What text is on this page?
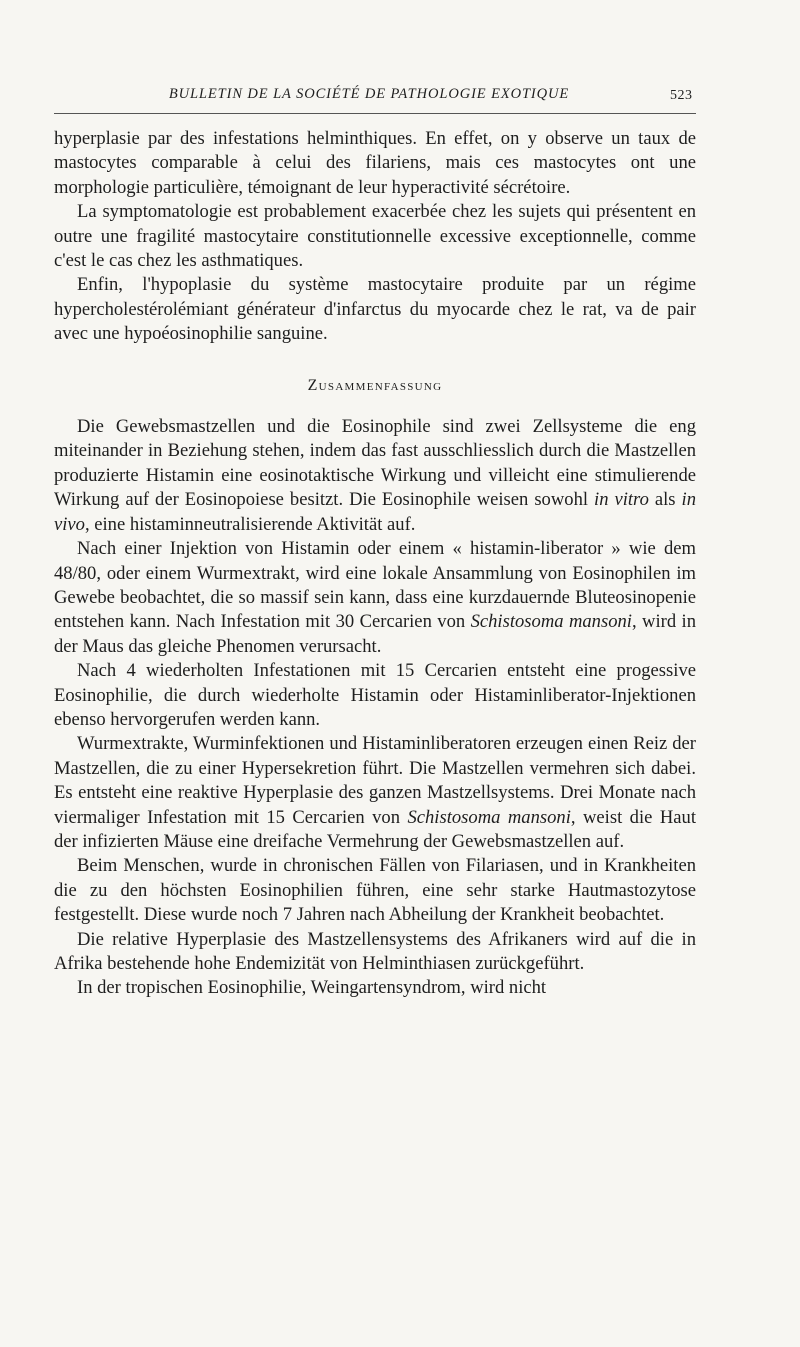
BULLETIN DE LA SOCIÉTÉ DE PATHOLOGIE EXOTIQUE	523

hyperplasie par des infestations helminthiques. En effet, on y observe un taux de mastocytes comparable à celui des filariens, mais ces mastocytes ont une morphologie particulière, témoignant de leur hyperactivité sécrétoire.

La symptomatologie est probablement exacerbée chez les sujets qui présentent en outre une fragilité mastocytaire constitutionnelle excessive exceptionnelle, comme c'est le cas chez les asthmatiques.

Enfin, l'hypoplasie du système mastocytaire produite par un régime hypercholestérolémiant générateur d'infarctus du myocarde chez le rat, va de pair avec une hypoéosinophilie sanguine.

Zusammenfassung

Die Gewebsmastzellen und die Eosinophile sind zwei Zellsysteme die eng miteinander in Beziehung stehen, indem das fast ausschliesslich durch die Mastzellen produzierte Histamin eine eosinotaktische Wirkung und villeicht eine stimulierende Wirkung auf der Eosinopoiese besitzt. Die Eosinophile weisen sowohl in vitro als in vivo, eine histaminneutralisierende Aktivität auf.

Nach einer Injektion von Histamin oder einem « histamin-liberator » wie dem 48/80, oder einem Wurmextrakt, wird eine lokale Ansammlung von Eosinophilen im Gewebe beobachtet, die so massif sein kann, dass eine kurzdauernde Bluteosinopenie entstehen kann. Nach Infestation mit 30 Cercarien von Schistosoma mansoni, wird in der Maus das gleiche Phenomen verursacht.

Nach 4 wiederholten Infestationen mit 15 Cercarien entsteht eine progessive Eosinophilie, die durch wiederholte Histamin oder Histaminliberator-Injektionen ebenso hervorgerufen werden kann.

Wurmextrakte, Wurminfektionen und Histaminliberatoren erzeugen einen Reiz der Mastzellen, die zu einer Hypersekretion führt. Die Mastzellen vermehren sich dabei. Es entsteht eine reaktive Hyperplasie des ganzen Mastzellsystems. Drei Monate nach viermaliger Infestation mit 15 Cercarien von Schistosoma mansoni, weist die Haut der infizierten Mäuse eine dreifache Vermehrung der Gewebsmastzellen auf.

Beim Menschen, wurde in chronischen Fällen von Filariasen, und in Krankheiten die zu den höchsten Eosinophilien führen, eine sehr starke Hautmastozytose festgestellt. Diese wurde noch 7 Jahren nach Abheilung der Krankheit beobachtet.

Die relative Hyperplasie des Mastzellensystems des Afrikaners wird auf die in Afrika bestehende hohe Endemizität von Helminthiasen zurückgeführt.

In der tropischen Eosinophilie, Weingartensyndrom, wird nicht
